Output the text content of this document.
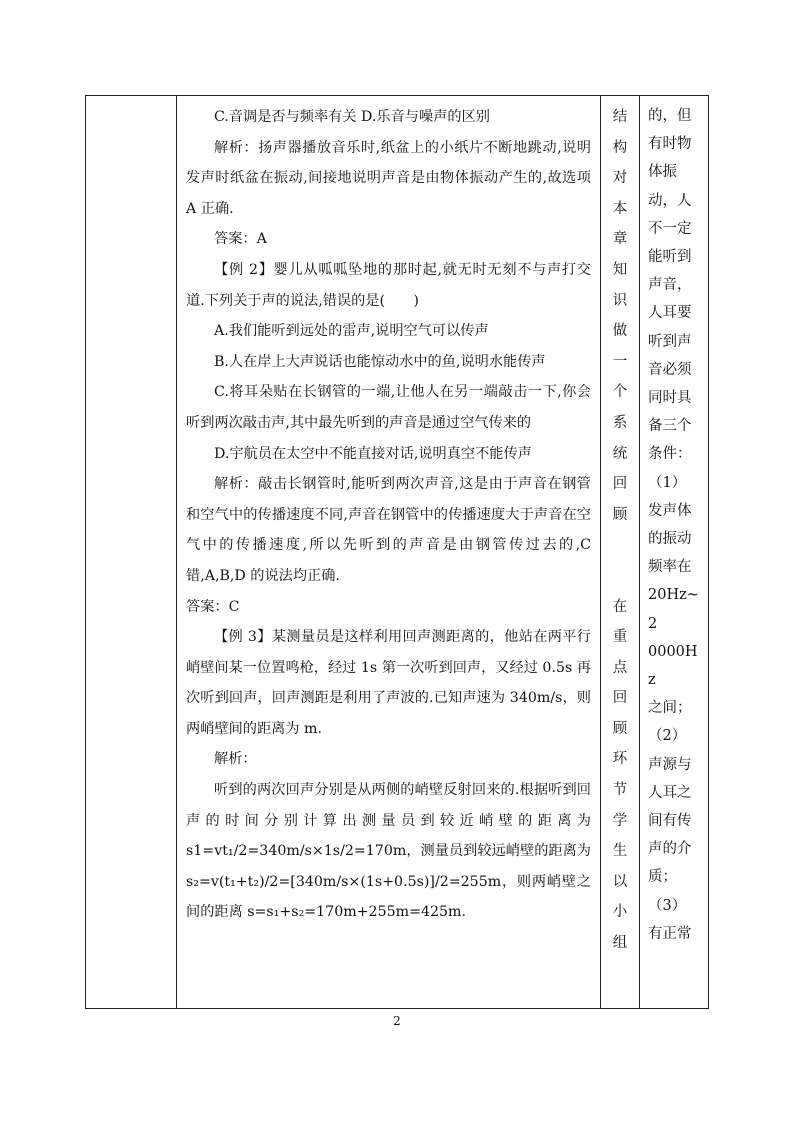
C.音调是否与频率有关 D.乐音与噪声的区别

解析：扬声器播放音乐时,纸盆上的小纸片不断地跳动,说明发声时纸盆在振动,间接地说明声音是由物体振动产生的,故选项 A 正确.

答案：A

【例 2】婴儿从呱呱坠地的那时起,就无时无刻不与声打交道.下列关于声的说法,错误的是(　　)

A.我们能听到远处的雷声,说明空气可以传声

B.人在岸上大声说话也能惊动水中的鱼,说明水能传声

C.将耳朵贴在长钢管的一端,让他人在另一端敲击一下,你会听到两次敲击声,其中最先听到的声音是通过空气传来的

D.宇航员在太空中不能直接对话,说明真空不能传声

解析：敲击长钢管时,能听到两次声音,这是由于声音在钢管和空气中的传播速度不同,声音在钢管中的传播速度大于声音在空气中的传播速度,所以先听到的声音是由钢管传过去的,C 错,A,B,D 的说法均正确.

答案：C

【例 3】某测量员是这样利用回声测距离的，他站在两平行峭壁间某一位置鸣枪，经过 1s 第一次听到回声，又经过 0.5s 再次听到回声，回声测距是利用了声波的.已知声速为 340m/s，则两峭壁间的距离为 m.

解析：

听到的两次回声分别是从两侧的峭壁反射回来的.根据听到回声的时间分别计算出测量员到较近峭壁的距离为 s1=vt₁/2=340m/s×1s/2=170m，测量员到较远峭壁的距离为 s₂=v(t₁+t₂)/2=[340m/s×(1s+0.5s)]/2=255m，则两峭壁之间的距离 s=s₁+s₂=170m+255m=425m.

结
构
对
本
章
知
识
做
一
个
系
统
回
顾

在
重
点
回
顾
环
节
学
生
以
小
组
的，但
有时物
体振
动，人
不一定
能听到
声音，
人耳要
听到声
音必须
同时具
备三个
条件：
（1）
发声体
的振动
频率在
20Hz~2
0000Hz
之间；
（2）
声源与
人耳之
间有传
声的介
质；
（3）
有正常
2
